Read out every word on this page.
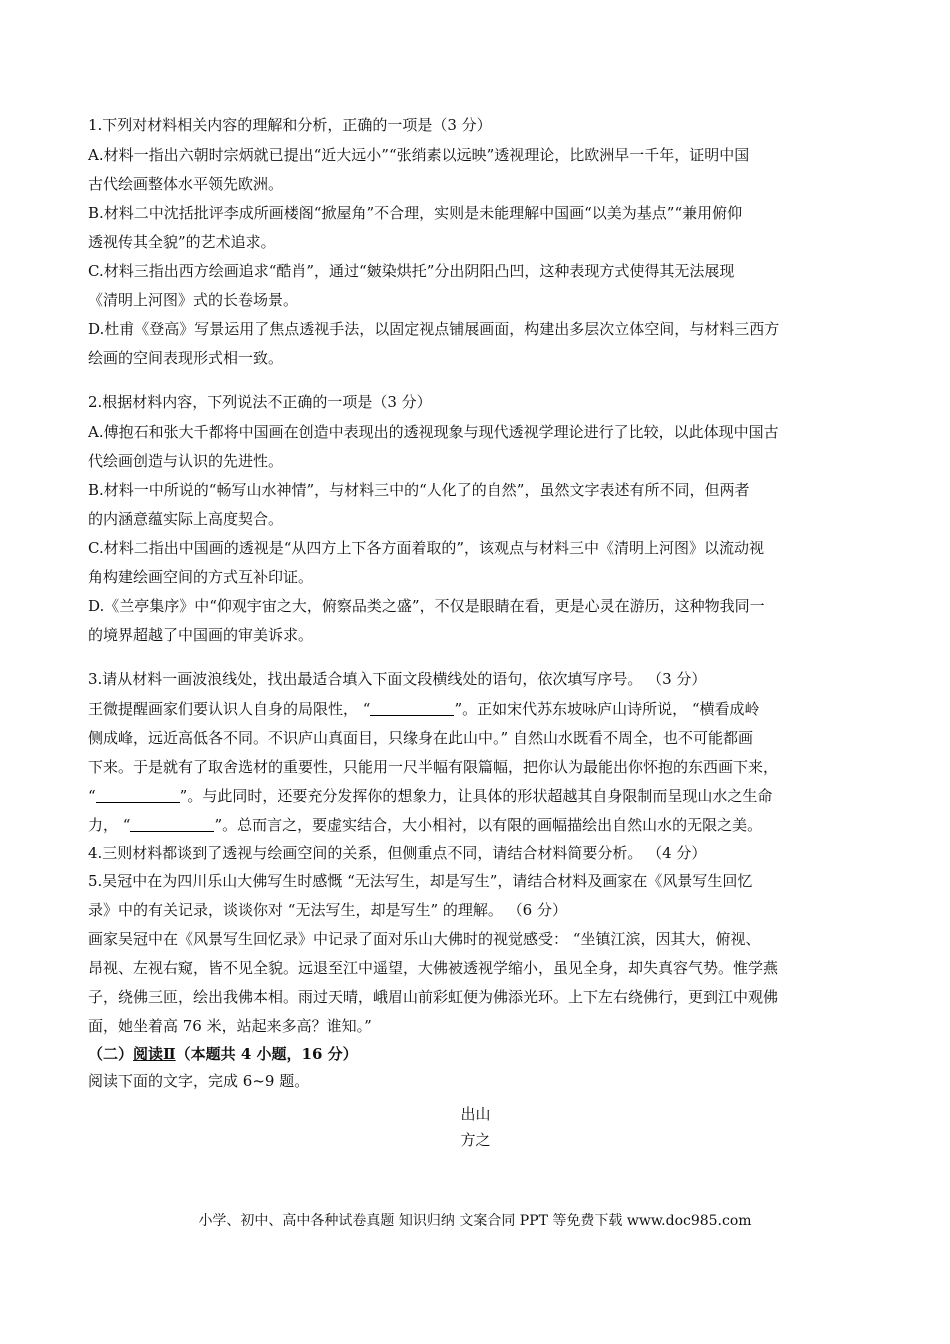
1.下列对材料相关内容的理解和分析，正确的一项是（3 分）
A.材料一指出六朝时宗炳就已提出“近大远小”“张绡素以远映”透视理论，比欧洲早一千年，证明中国
古代绘画整体水平领先欧洲。
B.材料二中沈括批评李成所画楼阁“掀屋角”不合理，实则是未能理解中国画“以美为基点”“兼用俯仰
透视传其全貌”的艺术追求。
C.材料三指出西方绘画追求“酷肖”，通过“皴染烘托”分出阴阳凸凹，这种表现方式使得其无法展现
《清明上河图》式的长卷场景。
D.杜甫《登高》写景运用了焦点透视手法，以固定视点铺展画面，构建出多层次立体空间，与材料三西方
绘画的空间表现形式相一致。
2.根据材料内容，下列说法不正确的一项是（3 分）
A.傅抱石和张大千都将中国画在创造中表现出的透视现象与现代透视学理论进行了比较，以此体现中国古
代绘画创造与认识的先进性。
B.材料一中所说的“畅写山水神情”，与材料三中的“人化了的自然”，虽然文字表述有所不同，但两者
的内涵意蕴实际上高度契合。
C.材料二指出中国画的透视是“从四方上下各方面着取的”，该观点与材料三中《清明上河图》以流动视
角构建绘画空间的方式互补印证。
D.《兰亭集序》中“仰观宇宙之大，俯察品类之盛”，不仅是眼睛在看，更是心灵在游历，这种物我同一
的境界超越了中国画的审美诉求。
3.请从材料一画波浪线处，找出最适合填入下面文段横线处的语句，依次填写序号。 （3 分）
王微提醒画家们要认识人自身的局限性， “	”。正如宋代苏东坡咏庐山诗所说， “横看成岭
侧成峰，远近高低各不同。不识庐山真面目，只缘身在此山中。” 自然山水既看不周全，也不可能都画
下来。于是就有了取舍选材的重要性，只能用一尺半幅有限篇幅，把你认为最能出你怀抱的东西画下来，
“	”。与此同时，还要充分发挥你的想象力，让具体的形状超越其自身限制而呈现山水之生命
力， “	”。总而言之，要虚实结合，大小相衬，以有限的画幅描绘出自然山水的无限之美。
4.三则材料都谈到了透视与绘画空间的关系，但侧重点不同，请结合材料简要分析。 （4 分）
5.吴冠中在为四川乐山大佛写生时感慨 “无法写生，却是写生”，请结合材料及画家在《风景写生回忆
录》中的有关记录，谈谈你对 “无法写生，却是写生” 的理解。 （6 分）
画家吴冠中在《风景写生回忆录》中记录了面对乐山大佛时的视觉感受： “坐镇江滨，因其大，俯视、
昂视、左视右窥，皆不见全貌。远退至江中遥望，大佛被透视学缩小，虽见全身，却失真容气势。惟学燕
子，绕佛三匝，绘出我佛本相。雨过天晴，峨眉山前彩虹便为佛添光环。上下左右绕佛行，更到江中观佛
面，她坐着高 76 米，站起来多高？谁知。”
（二）阅读Ⅱ（本题共 4 小题，16 分）
阅读下面的文字，完成 6~9 题。
出山
方之
小学、初中、高中各种试卷真题 知识归纳 文案合同 PPT 等免费下载 www.doc985.com
